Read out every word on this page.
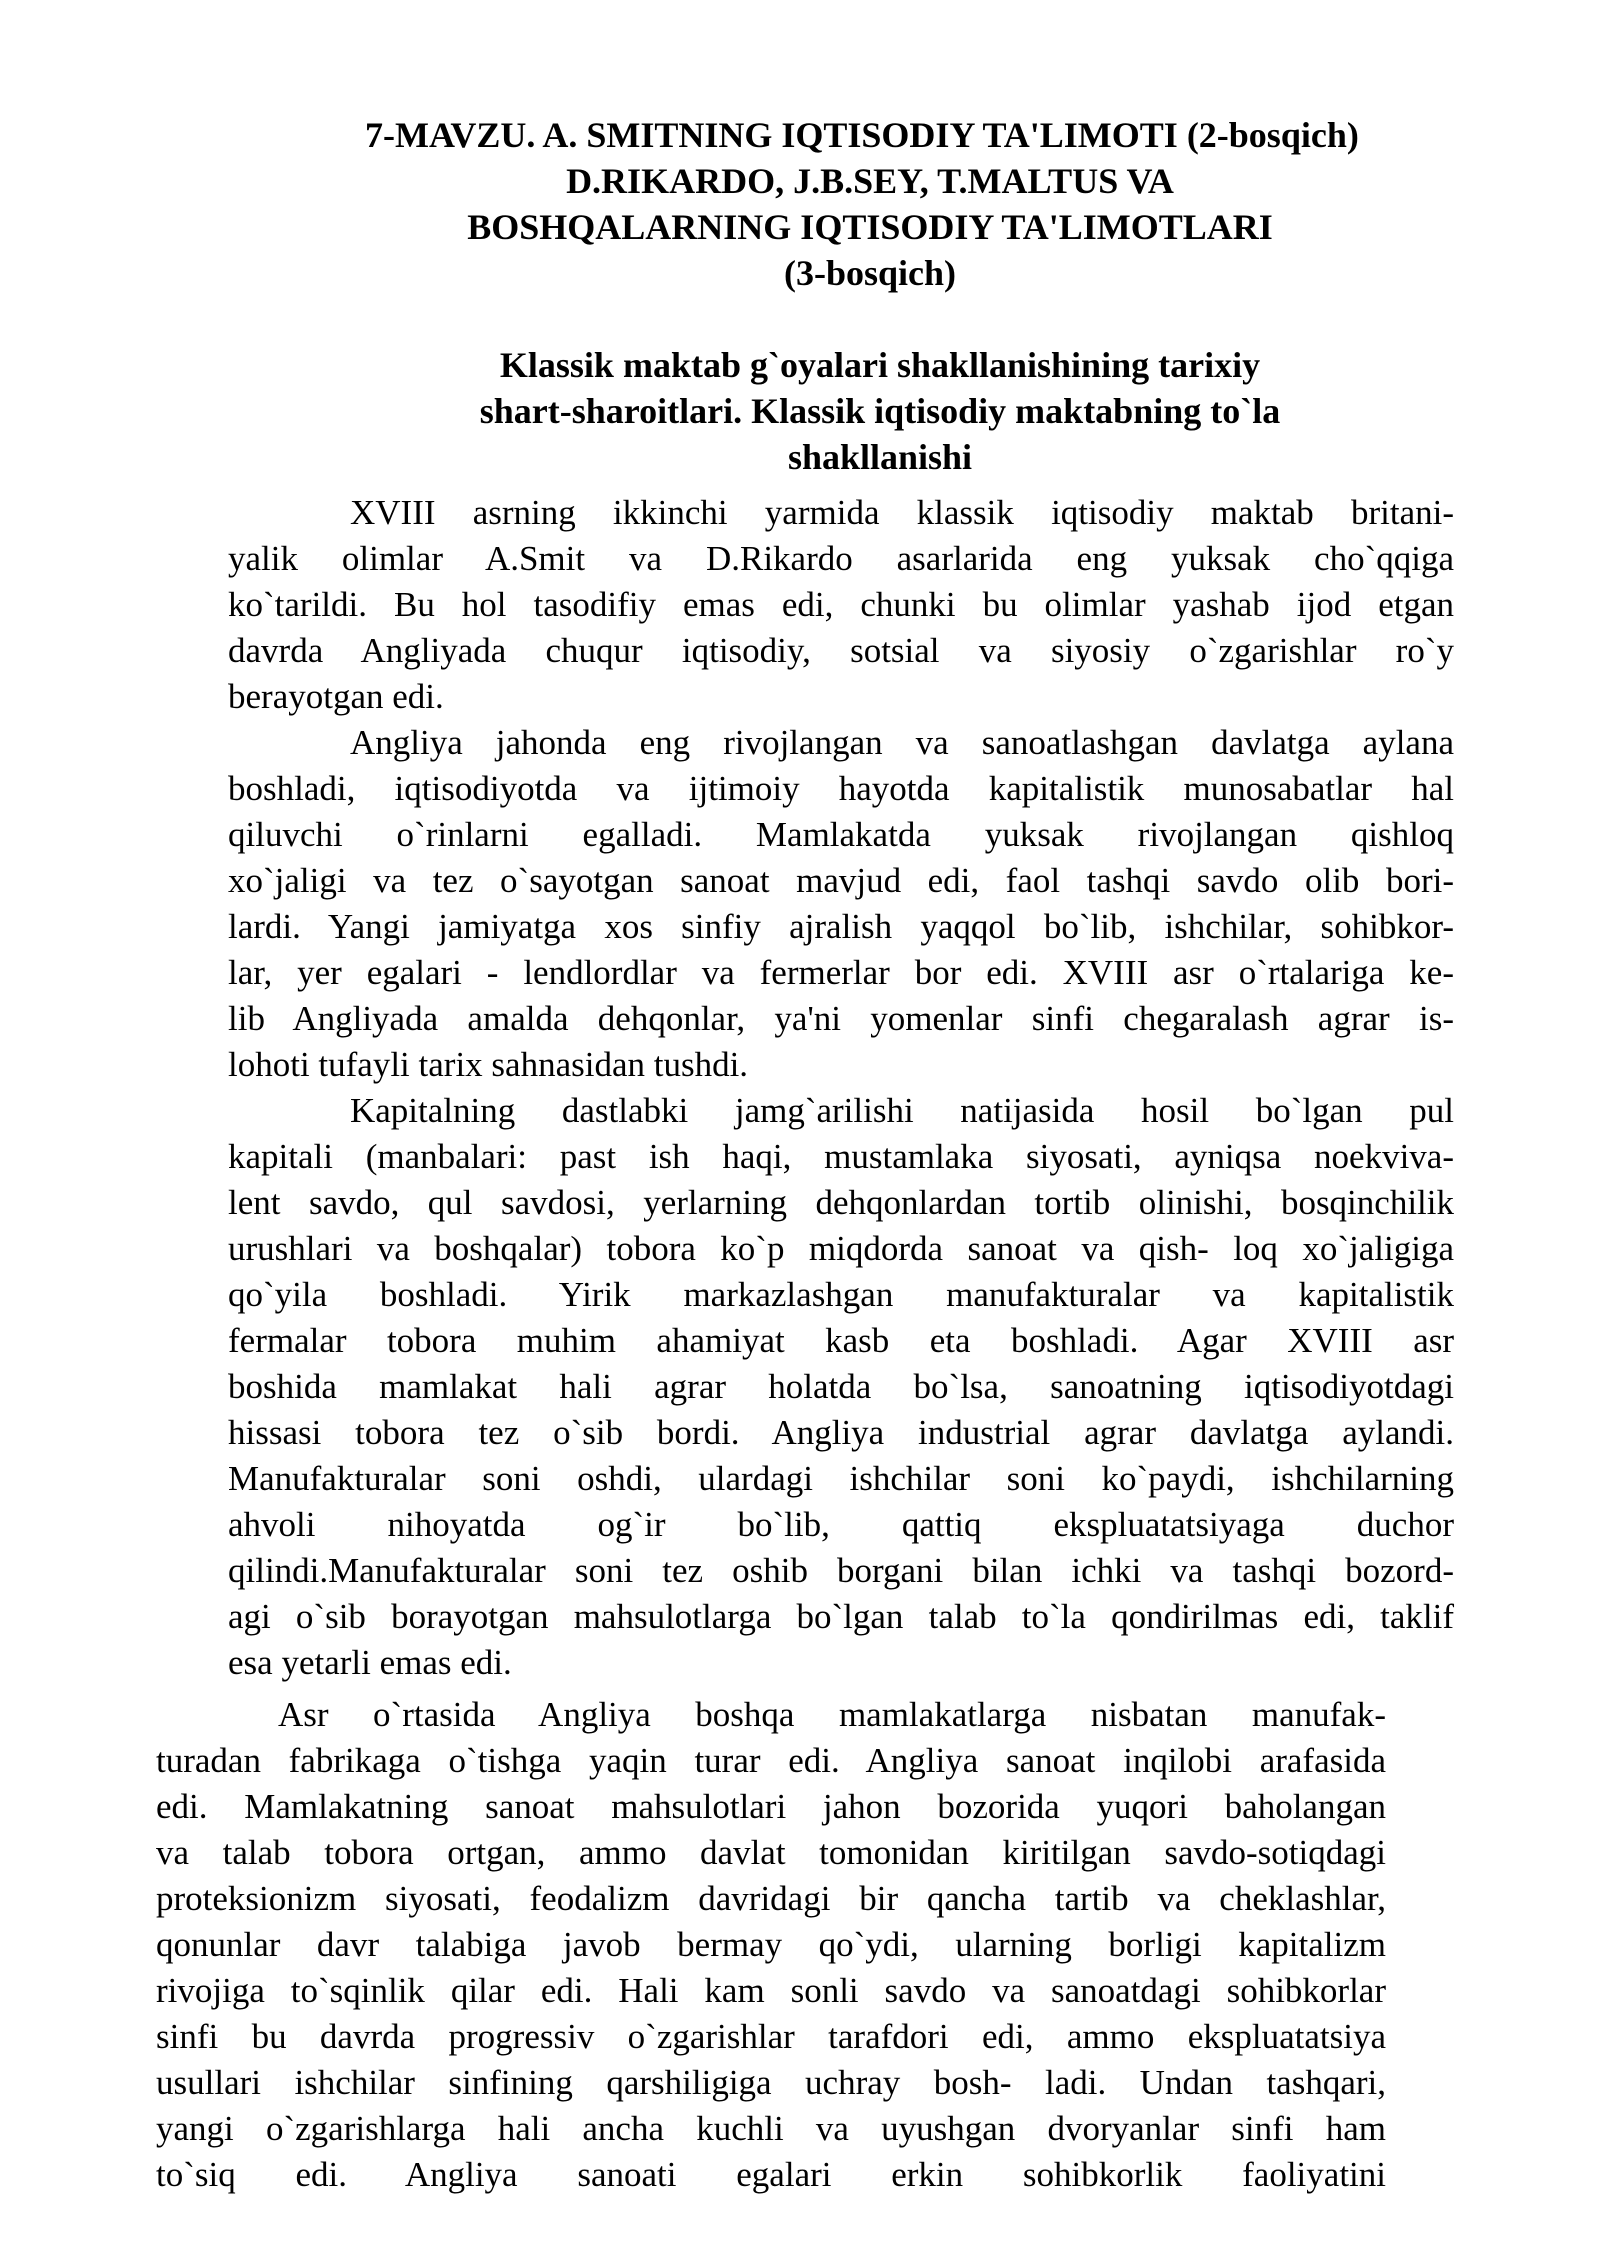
7-MAVZU. A. SMITNING IQTISODIY TA'LIMOTI (2-bosqich)
D.RIKARDO, J.B.SEY, T.MALTUS VA
BOSHQALARNING IQTISODIY TA'LIMOTLARI
(3-bosqich)
Klassik maktab g`oyalari shakllanishining tarixiy
shart-sharoitlari. Klassik iqtisodiy maktabning to`la
shakllanishi
XVIII asrning ikkinchi yarmida klassik iqtisodiy maktab britani-
yalik olimlar A.Smit va D.Rikardo asarlarida eng yuksak cho`qqiga
ko`tarildi. Bu hol tasodifiy emas edi, chunki bu olimlar yashab ijod etgan
davrda Angliyada chuqur iqtisodiy, sotsial va siyosiy o`zgarishlar ro`y
berayotgan edi.
Angliya jahonda eng rivojlangan va sanoatlashgan davlatga aylana
boshladi, iqtisodiyotda va ijtimoiy hayotda kapitalistik munosabatlar hal
qiluvchi o`rinlarni egalladi. Mamlakatda yuksak rivojlangan qishloq
xo`jaligi va tez o`sayotgan sanoat mavjud edi, faol tashqi savdo olib bori-
lardi. Yangi jamiyatga xos sinfiy ajralish yaqqol bo`lib, ishchilar, sohibkor-
lar, yer egalari - lendlordlar va fermerlar bor edi. XVIII asr o`rtalariga ke-
lib Angliyada amalda dehqonlar, ya'ni yomenlar sinfi chegaralash agrar is-
lohoti tufayli tarix sahnasidan tushdi.
Kapitalning dastlabki jamg`arilishi natijasida hosil bo`lgan pul
kapitali (manbalari: past ish haqi, mustamlaka siyosati, ayniqsa noekviva-
lent savdo, qul savdosi, yerlarning dehqonlardan tortib olinishi, bosqinchilik
urushlari va boshqalar) tobora ko`p miqdorda sanoat va qish- loq xo`jaligiga
qo`yila boshladi. Yirik markazlashgan manufakturalar va kapitalistik
fermalar tobora muhim ahamiyat kasb eta boshladi. Agar XVIII asr
boshida mamlakat hali agrar holatda bo`lsa, sanoatning iqtisodiyotdagi
hissasi tobora tez o`sib bordi. Angliya industrial agrar davlatga aylandi.
Manufakturalar soni oshdi, ulardagi ishchilar soni ko`paydi, ishchilarning
ahvoli nihoyatda og`ir bo`lib, qattiq ekspluatatsiyaga duchor
qilindi.Manufakturalar soni tez oshib borgani bilan ichki va tashqi bozord-
agi o`sib borayotgan mahsulotlarga bo`lgan talab to`la qondirilmas edi, taklif
esa yetarli emas edi.
Asr o`rtasida Angliya boshqa mamlakatlarga nisbatan manufak-
turadan fabrikaga o`tishga yaqin turar edi. Angliya sanoat inqilobi arafasida
edi. Mamlakatning sanoat mahsulotlari jahon bozorida yuqori baholangan
va talab tobora ortgan, ammo davlat tomonidan kiritilgan savdo-sotiqdagi
proteksionizm siyosati, feodalizm davridagi bir qancha tartib va cheklashlar,
qonunlar davr talabiga javob bermay qo`ydi, ularning borligi kapitalizm
rivojiga to`sqinlik qilar edi. Hali kam sonli savdo va sanoatdagi sohibkorlar
sinfi bu davrda progressiv o`zgarishlar tarafdori edi, ammo ekspluatatsiya
usullari ishchilar sinfining qarshiligiga uchray bosh- ladi. Undan tashqari,
yangi o`zgarishlarga hali ancha kuchli va uyushgan dvoryanlar sinfi ham
to`siq edi. Angliya sanoati egalari erkin sohibkorlik faoliyatini
